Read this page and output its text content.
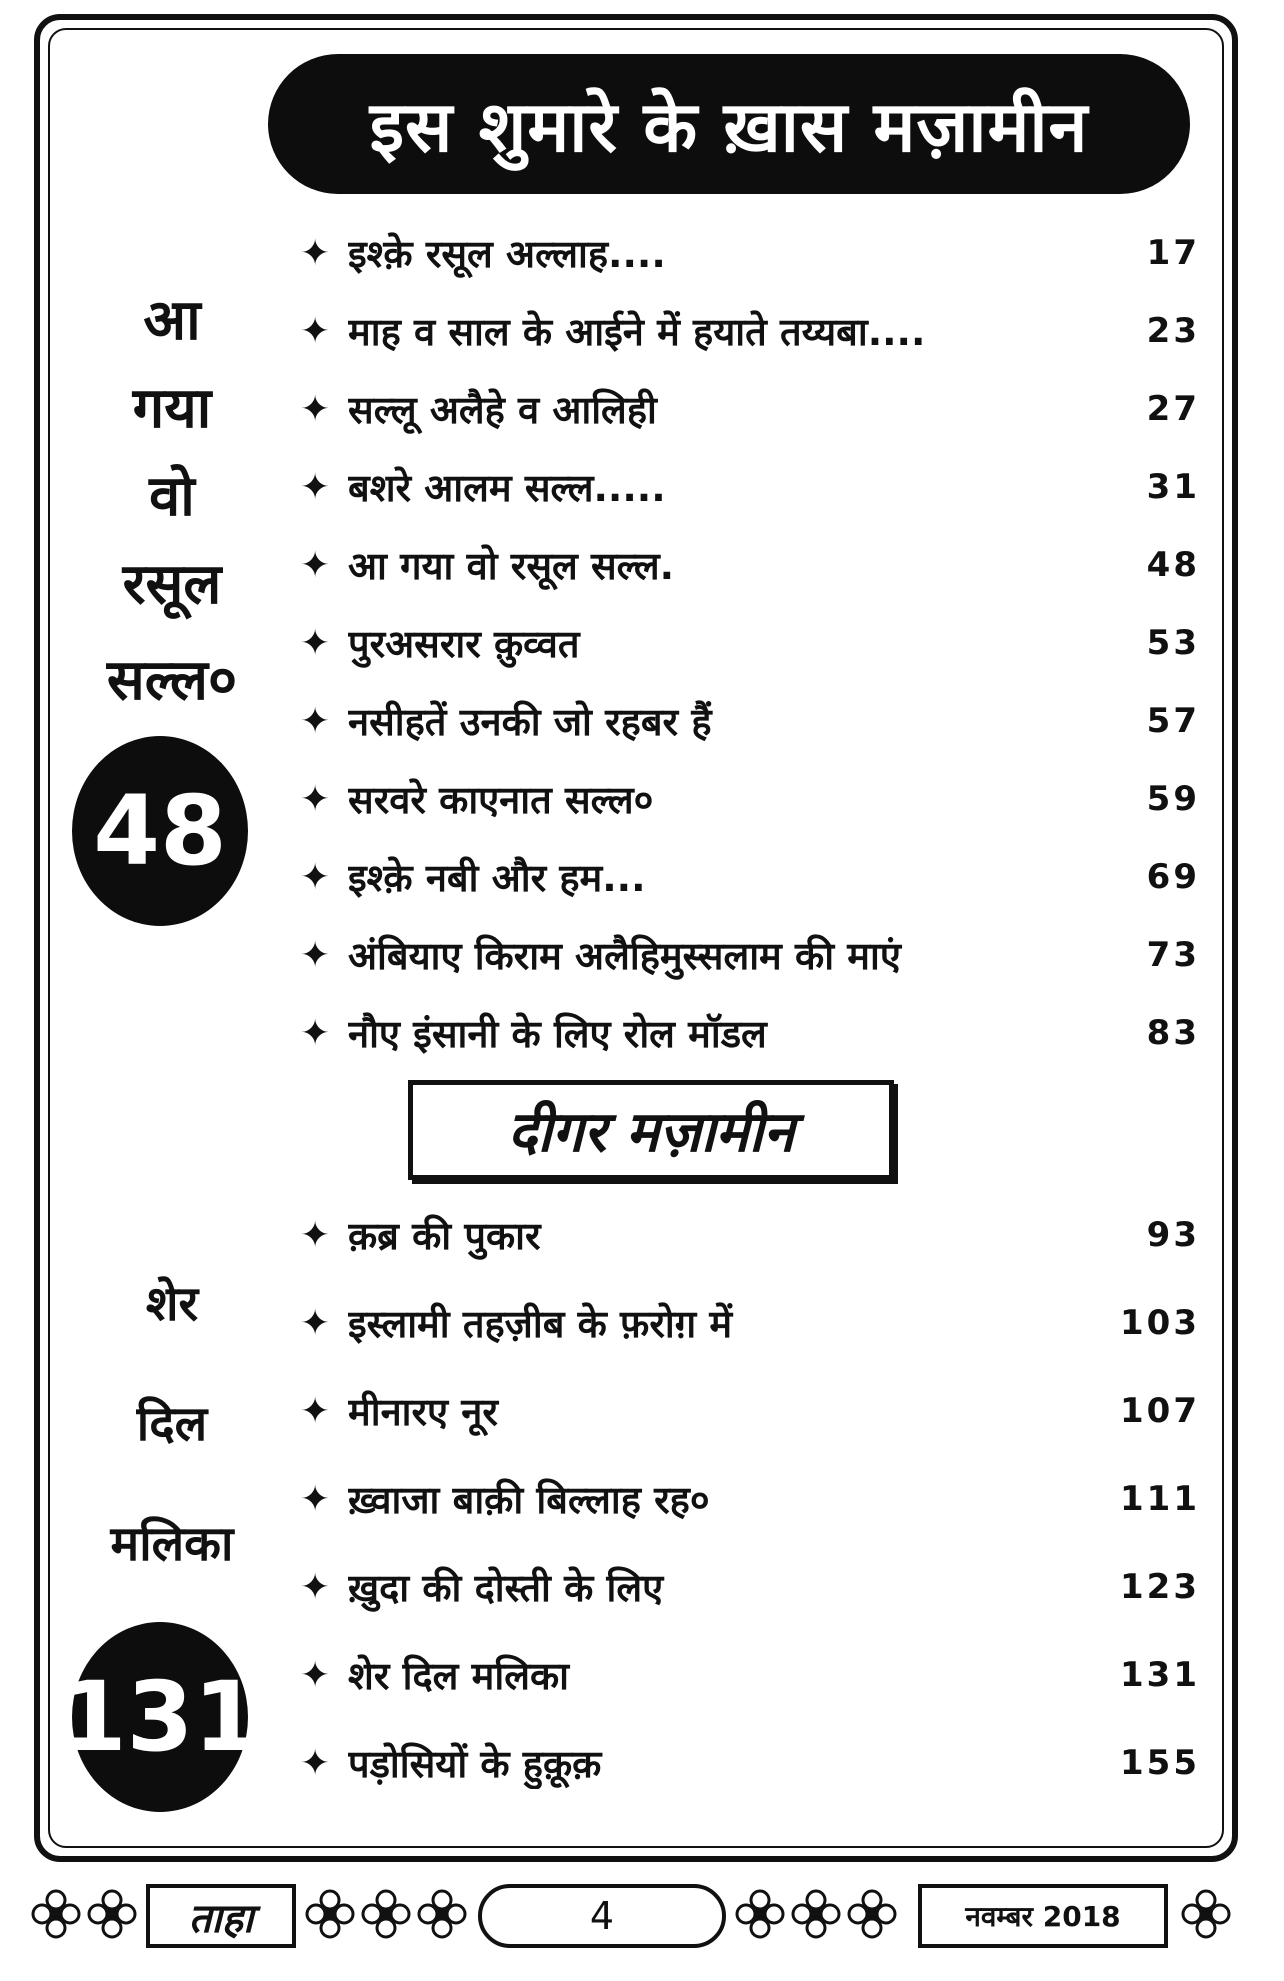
इस शुमारे के ख़ास मज़ामीन
आ
गया
वो
रसूल
सल्ल०
48
✦ इश्क़े रसूल अल्लाह....	17
✦ माह व साल के आईने में हयाते तय्यबा....	23
✦ सल्लू अलैहे व आलिही	27
✦ बशरे आलम सल्ल.....	31
✦ आ गया वो रसूल सल्ल.	48
✦ पुरअसरार क़ुव्वत	53
✦ नसीहतें उनकी जो रहबर हैं	57
✦ सरवरे काएनात सल्ल०	59
✦ इश्क़े नबी और हम...	69
✦ अंबियाए किराम अलैहिमुस्सलाम की माएं	73
✦ नौए इंसानी के लिए रोल मॉडल	83
दीगर मज़ामीन
शेर
दिल
मलिका
131
✦ क़ब्र की पुकार	93
✦ इस्लामी तहज़ीब के फ़रोग़ में	103
✦ मीनारए नूर	107
✦ ख़्वाजा बाक़ी बिल्लाह रह०	111
✦ ख़ुदा की दोस्ती के लिए	123
✦ शेर दिल मलिका	131
✦ पड़ोसियों के हुक़ूक़	155
ताहा	4	नवम्बर 2018
